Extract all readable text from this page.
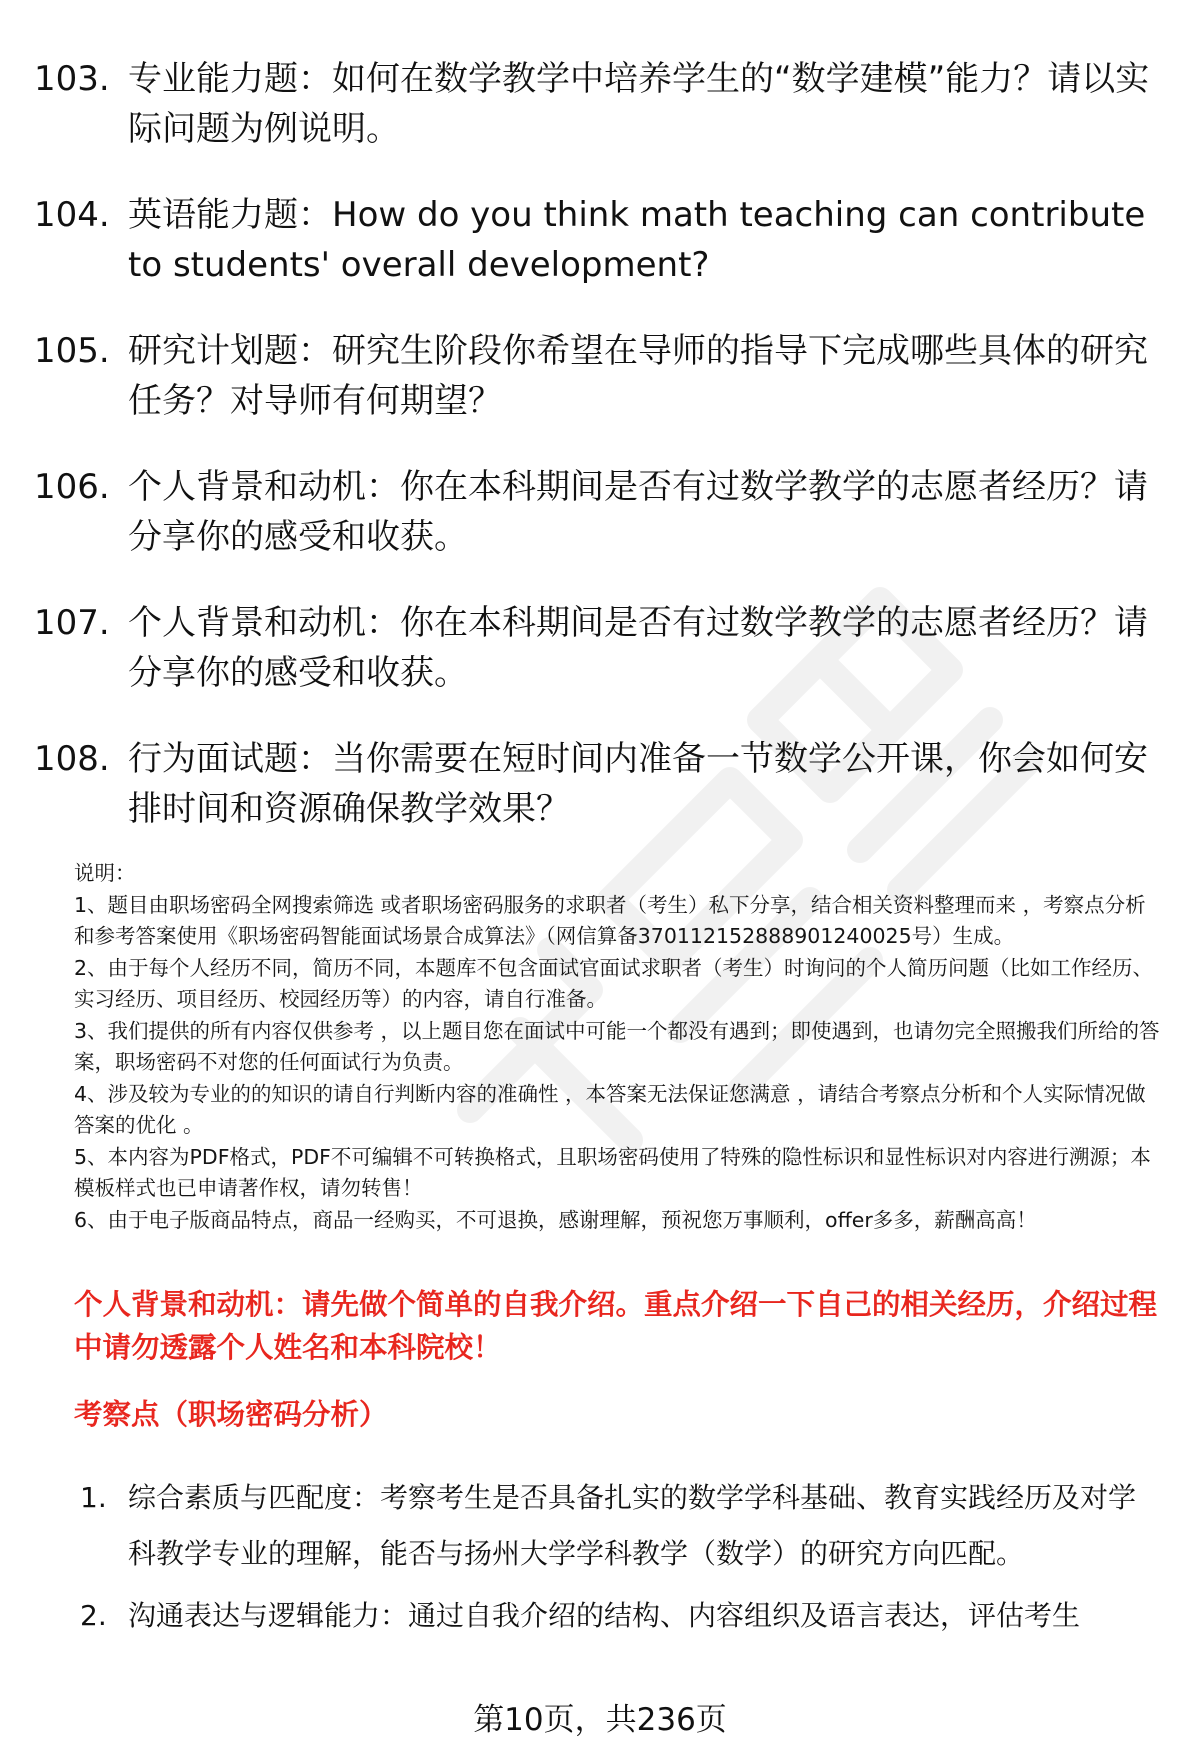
103. 专业能力题：如何在数学教学中培养学生的“数学建模”能力？请以实际问题为例说明。
104. 英语能力题：How do you think math teaching can contribute to students' overall development?
105. 研究计划题：研究生阶段你希望在导师的指导下完成哪些具体的研究任务？对导师有何期望？
106. 个人背景和动机：你在本科期间是否有过数学教学的志愿者经历？请分享你的感受和收获。
107. 个人背景和动机：你在本科期间是否有过数学教学的志愿者经历？请分享你的感受和收获。
108. 行为面试题：当你需要在短时间内准备一节数学公开课，你会如何安排时间和资源确保教学效果？

说明：

1、题目由职场密码全网搜索筛选 或者职场密码服务的求职者（考生）私下分享，结合相关资料整理而来 ，考察点分析和参考答案使用《职场密码智能面试场景合成算法》（网信算备370112152888901240025号）生成。

2、由于每个人经历不同，简历不同，本题库不包含面试官面试求职者（考生）时询问的个人简历问题（比如工作经历、实习经历、项目经历、校园经历等）的内容，请自行准备。

3、我们提供的所有内容仅供参考 ，以上题目您在面试中可能一个都没有遇到；即使遇到，也请勿完全照搬我们所给的答案，职场密码不对您的任何面试行为负责。

4、涉及较为专业的的知识的请自行判断内容的准确性 ，本答案无法保证您满意 ，请结合考察点分析和个人实际情况做答案的优化 。

5、本内容为PDF格式，PDF不可编辑不可转换格式，且职场密码使用了特殊的隐性标识和显性标识对内容进行溯源；本模板样式也已申请著作权，请勿转售！

6、由于电子版商品特点，商品一经购买，不可退换，感谢理解，预祝您万事顺利，offer多多，薪酬高高！

个人背景和动机：请先做个简单的自我介绍。重点介绍一下自己的相关经历，介绍过程中请勿透露个人姓名和本科院校！
考察点（职场密码分析）
1. 综合素质与匹配度：考察考生是否具备扎实的数学学科基础、教育实践经历及对学科教学专业的理解，能否与扬州大学学科教学（数学）的研究方向匹配。
2. 沟通表达与逻辑能力：通过自我介绍的结构、内容组织及语言表达，评估考生
第10页，共236页
